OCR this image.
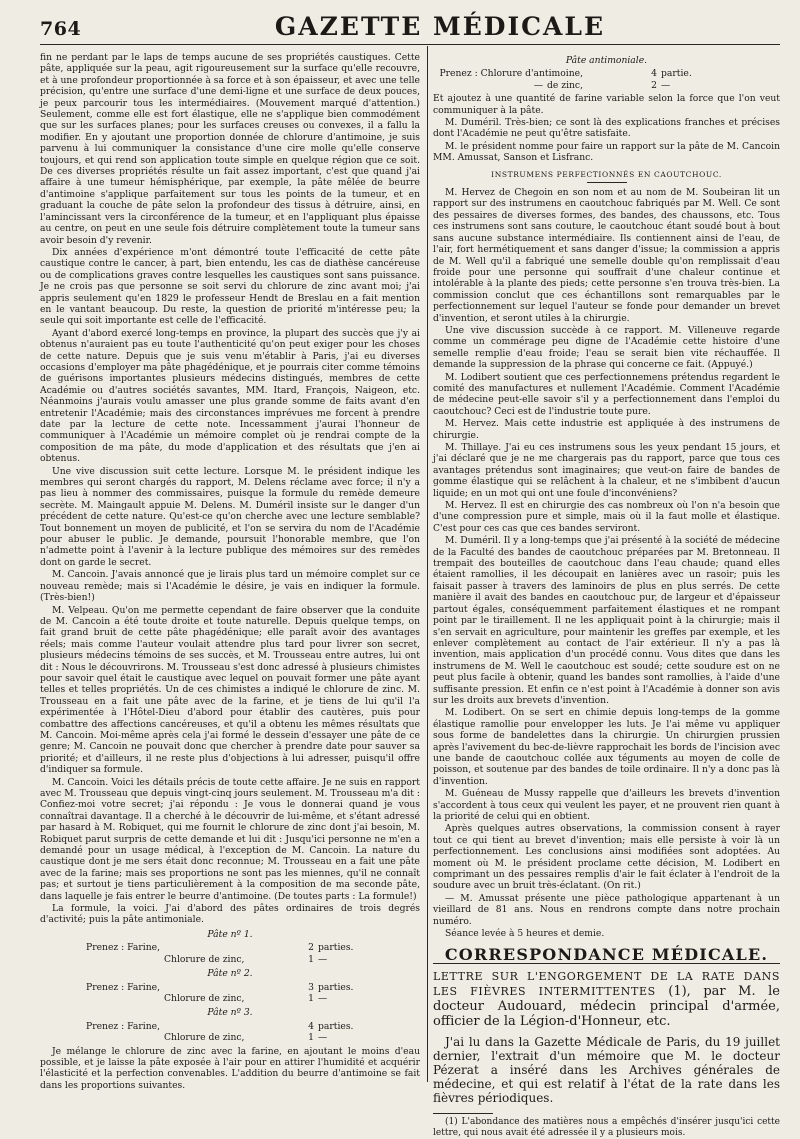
764	GAZETTE MÉDICALE

fin ne perdant par le laps de temps aucune de ses propriétés caustiques. Cette pâte, appliquée sur la peau, agit rigoureusement sur la surface qu'elle recouvre, et à une profondeur proportionnée à sa force et à son épaisseur, et avec une telle précision, qu'entre une surface d'une demi-ligne et une surface de deux pouces, je peux parcourir tous les intermédiaires. (Mouvement marqué d'attention.) Seulement, comme elle est fort élastique, elle ne s'applique bien commodément que sur les surfaces planes; pour les surfaces creuses ou convexes, il a fallu la modifier. En y ajoutant une proportion donnée de chlorure d'antimoine, je suis parvenu à lui communiquer la consistance d'une cire molle qu'elle conserve toujours, et qui rend son application toute simple en quelque région que ce soit. De ces diverses propriétés résulte un fait assez important, c'est que quand j'ai affaire à une tumeur hémisphérique, par exemple, la pâte mêlée de beurre d'antimoine s'applique parfaitement sur tous les points de la tumeur, et en graduant la couche de pâte selon la profondeur des tissus à détruire, ainsi, en l'amincissant vers la circonférence de la tumeur, et en l'appliquant plus épaisse au centre, on peut en une seule fois détruire complètement toute la tumeur sans avoir besoin d'y revenir.

Dix années d'expérience m'ont démontré toute l'efficacité de cette pâte caustique contre le cancer, à part, bien entendu, les cas de diathèse cancéreuse ou de complications graves contre lesquelles les caustiques sont sans puissance. Je ne crois pas que personne se soit servi du chlorure de zinc avant moi; j'ai appris seulement qu'en 1829 le professeur Hendt de Breslau en a fait mention en le vantant beaucoup. Du reste, la question de priorité m'intéresse peu; la seule qui soit importante est celle de l'efficacité.

Ayant d'abord exercé long-temps en province, la plupart des succès que j'y ai obtenus n'auraient pas eu toute l'authenticité qu'on peut exiger pour les choses de cette nature. Depuis que je suis venu m'établir à Paris, j'ai eu diverses occasions d'employer ma pâte phagédénique, et je pourrais citer comme témoins de guérisons importantes plusieurs médecins distingués, membres de cette Académie ou d'autres sociétés savantes, MM. Itard, François, Naigeon, etc. Néanmoins j'aurais voulu amasser une plus grande somme de faits avant d'en entretenir l'Académie; mais des circonstances imprévues me forcent à prendre date par la lecture de cette note. Incessamment j'aurai l'honneur de communiquer à l'Académie un mémoire complet où je rendrai compte de la composition de ma pâte, du mode d'application et des résultats que j'en ai obtenus.

Une vive discussion suit cette lecture. Lorsque M. le président indique les membres qui seront chargés du rapport, M. Delens réclame avec force; il n'y a pas lieu à nommer des commissaires, puisque la formule du remède demeure secrète. M. Maingault appuie M. Delens. M. Duméril insiste sur le danger d'un précédent de cette nature. Qu'est-ce qu'on cherche avec une lecture semblable? Tout bonnement un moyen de publicité, et l'on se servira du nom de l'Académie pour abuser le public. Je demande, poursuit l'honorable membre, que l'on n'admette point à l'avenir à la lecture publique des mémoires sur des remèdes dont on garde le secret.

M. Cancoin. J'avais annoncé que je lirais plus tard un mémoire complet sur ce nouveau remède; mais si l'Académie le désire, je vais en indiquer la formule. (Très-bien!)

M. Velpeau. Qu'on me permette cependant de faire observer que la conduite de M. Cancoin a été toute droite et toute naturelle. Depuis quelque temps, on fait grand bruit de cette pâte phagédénique; elle paraît avoir des avantages réels; mais comme l'auteur voulait attendre plus tard pour livrer son secret, plusieurs médecins témoins de ses succès, et M. Trousseau entre autres, lui ont dit : Nous le découvrirons. M. Trousseau s'est donc adressé à plusieurs chimistes pour savoir quel était le caustique avec lequel on pouvait former une pâte ayant telles et telles propriétés. Un de ces chimistes a indiqué le chlorure de zinc. M. Trousseau en a fait une pâte avec de la farine, et je tiens de lui qu'il l'a expérimentée à l'Hôtel-Dieu d'abord pour établir des cautères, puis pour combattre des affections cancéreuses, et qu'il a obtenu les mêmes résultats que M. Cancoin. Moi-même après cela j'ai formé le dessein d'essayer une pâte de ce genre; M. Cancoin ne pouvait donc que chercher à prendre date pour sauver sa priorité; et d'ailleurs, il ne reste plus d'objections à lui adresser, puisqu'il offre d'indiquer sa formule.

M. Cancoin. Voici les détails précis de toute cette affaire. Je ne suis en rapport avec M. Trousseau que depuis vingt-cinq jours seulement. M. Trousseau m'a dit : Confiez-moi votre secret; j'ai répondu : Je vous le donnerai quand je vous connaîtrai davantage. Il a cherché à le découvrir de lui-même, et s'étant adressé par hasard à M. Robiquet, qui me fournit le chlorure de zinc dont j'ai besoin, M. Robiquet parut surpris de cette demande et lui dit : Jusqu'ici personne ne m'en a demandé pour un usage médical, à l'exception de M. Cancoin. La nature du caustique dont je me sers était donc reconnue; M. Trousseau en a fait une pâte avec de la farine; mais ses proportions ne sont pas les miennes, qu'il ne connaît pas; et surtout je tiens particulièrement à la composition de ma seconde pâte, dans laquelle je fais entrer le beurre d'antimoine. (De toutes parts : La formule!)

La formule, la voici. J'ai d'abord des pâtes ordinaires de trois degrés d'activité; puis la pâte antimoniale.

Pâte nº 1.
Prenez : Farine,	2 parties.
Chlorure de zinc,	1 —
Pâte nº 2.
Prenez : Farine,	3 parties.
Chlorure de zinc,	1 —
Pâte nº 3.
Prenez : Farine,	4 parties.
Chlorure de zinc,	1 —

Je mélange le chlorure de zinc avec la farine, en ajoutant le moins d'eau possible, et je laisse la pâte exposée à l'air pour en attirer l'humidité et acquérir l'élasticité et la perfection convenables. L'addition du beurre d'antimoine se fait dans les proportions suivantes.

Pâte antimoniale.
Prenez : Chlorure d'antimoine,	4 partie.
— de zinc,	2 —

Et ajoutez à une quantité de farine variable selon la force que l'on veut communiquer à la pâte.

M. Duméril. Très-bien; ce sont là des explications franches et précises dont l'Académie ne peut qu'être satisfaite.

M. le président nomme pour faire un rapport sur la pâte de M. Cancoin MM. Amussat, Sanson et Lisfranc.

INSTRUMENS PERFECTIONNÉS EN CAOUTCHOUC.

M. Hervez de Chegoin en son nom et au nom de M. Soubeiran lit un rapport sur des instrumens en caoutchouc fabriqués par M. Well. Ce sont des pessaires de diverses formes, des bandes, des chaussons, etc. Tous ces instrumens sont sans couture, le caoutchouc étant soudé bout à bout sans aucune substance intermédiaire. Ils contiennent ainsi de l'eau, de l'air, fort hermétiquement et sans danger d'issue; la commission a appris de M. Well qu'il a fabriqué une semelle double qu'on remplissait d'eau froide pour une personne qui souffrait d'une chaleur continue et intolérable à la plante des pieds; cette personne s'en trouva très-bien. La commission conclut que ces échantillons sont remarquables par le perfectionnement sur lequel l'auteur se fonde pour demander un brevet d'invention, et seront utiles à la chirurgie.

Une vive discussion succède à ce rapport. M. Villeneuve regarde comme un commérage peu digne de l'Académie cette histoire d'une semelle remplie d'eau froide; l'eau se serait bien vite réchauffée. Il demande la suppression de la phrase qui concerne ce fait. (Appuyé.)

M. Lodibert soutient que ces perfectionnemens prétendus regardent le comité des manufactures et nullement l'Académie. Comment l'Académie de médecine peut-elle savoir s'il y a perfectionnement dans l'emploi du caoutchouc? Ceci est de l'industrie toute pure.

M. Hervez. Mais cette industrie est appliquée à des instrumens de chirurgie.

M. Thillaye. J'ai eu ces instrumens sous les yeux pendant 15 jours, et j'ai déclaré que je ne me chargerais pas du rapport, parce que tous ces avantages prétendus sont imaginaires; que veut-on faire de bandes de gomme élastique qui se relâchent à la chaleur, et ne s'imbibent d'aucun liquide; en un mot qui ont une foule d'inconvéniens?

M. Hervez. Il est en chirurgie des cas nombreux où l'on n'a besoin que d'une compression pure et simple, mais où il la faut molle et élastique. C'est pour ces cas que ces bandes serviront.

M. Duméril. Il y a long-temps que j'ai présenté à la société de médecine de la Faculté des bandes de caoutchouc préparées par M. Bretonneau. Il trempait des bouteilles de caoutchouc dans l'eau chaude; quand elles étaient ramollies, il les découpait en lanières avec un rasoir; puis les faisait passer à travers des laminoirs de plus en plus serrés. De cette manière il avait des bandes en caoutchouc pur, de largeur et d'épaisseur partout égales, conséquemment parfaitement élastiques et ne rompant point par le tiraillement. Il ne les appliquait point à la chirurgie; mais il s'en servait en agriculture, pour maintenir les greffes par exemple, et les enlever complètement au contact de l'air extérieur. Il n'y a pas là invention, mais application d'un procédé connu. Vous dites que dans les instrumens de M. Well le caoutchouc est soudé; cette soudure est on ne peut plus facile à obtenir, quand les bandes sont ramollies, à l'aide d'une suffisante pression. Et enfin ce n'est point à l'Académie à donner son avis sur les droits aux brevets d'invention.

M. Lodibert. On se sert en chimie depuis long-temps de la gomme élastique ramollie pour envelopper les luts. Je l'ai même vu appliquer sous forme de bandelettes dans la chirurgie. Un chirurgien prussien après l'avivement du bec-de-lièvre rapprochait les bords de l'incision avec une bande de caoutchouc collée aux téguments au moyen de colle de poisson, et soutenue par des bandes de toile ordinaire. Il n'y a donc pas là d'invention.

M. Guéneau de Mussy rappelle que d'ailleurs les brevets d'invention s'accordent à tous ceux qui veulent les payer, et ne prouvent rien quant à la priorité de celui qui en obtient.

Après quelques autres observations, la commission consent à rayer tout ce qui tient au brevet d'invention; mais elle persiste à voir là un perfectionnement. Les conclusions ainsi modifiées sont adoptées. Au moment où M. le président proclame cette décision, M. Lodibert en comprimant un des pessaires remplis d'air le fait éclater à l'endroit de la soudure avec un bruit très-éclatant. (On rit.)

— M. Amussat présente une pièce pathologique appartenant à un vieillard de 81 ans. Nous en rendrons compte dans notre prochain numéro.

Séance levée à 5 heures et demie.

CORRESPONDANCE MÉDICALE.
LETTRE SUR L'ENGORGEMENT DE LA RATE DANS LES FIÈVRES INTERMITTENTES (1), par M. le docteur Audouard, médecin principal d'armée, officier de la Légion-d'Honneur, etc.

J'ai lu dans la Gazette Médicale de Paris, du 19 juillet dernier, l'extrait d'un mémoire que M. le docteur Pézerat a inséré dans les Archives générales de médecine, et qui est relatif à l'état de la rate dans les fièvres périodiques.

(1) L'abondance des matières nous a empêchés d'insérer jusqu'ici cette lettre, qui nous avait été adressée il y a plusieurs mois.
